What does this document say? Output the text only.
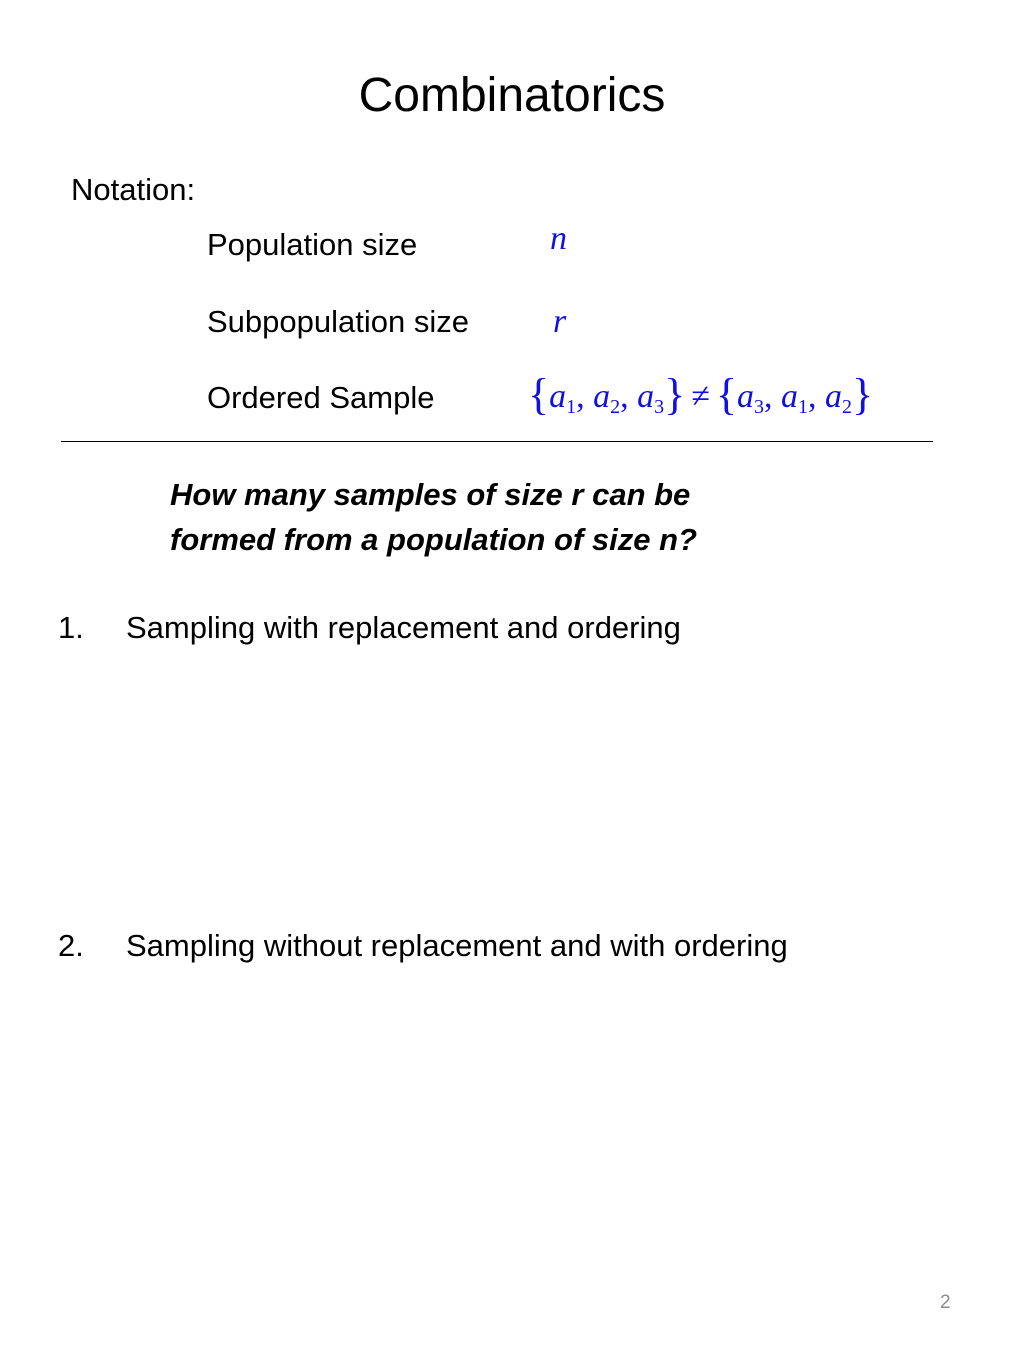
Combinatorics
Notation:
Population size	n
Subpopulation size r
Ordered Sample {$a_1$, $a_2$, $a_3\} \ne \{a_3$, $a_1$, $a_2$}
How many samples of size r can be
formed from a population of size n?
1. Sampling with replacement and ordering
2. Sampling without replacement and with ordering
2
